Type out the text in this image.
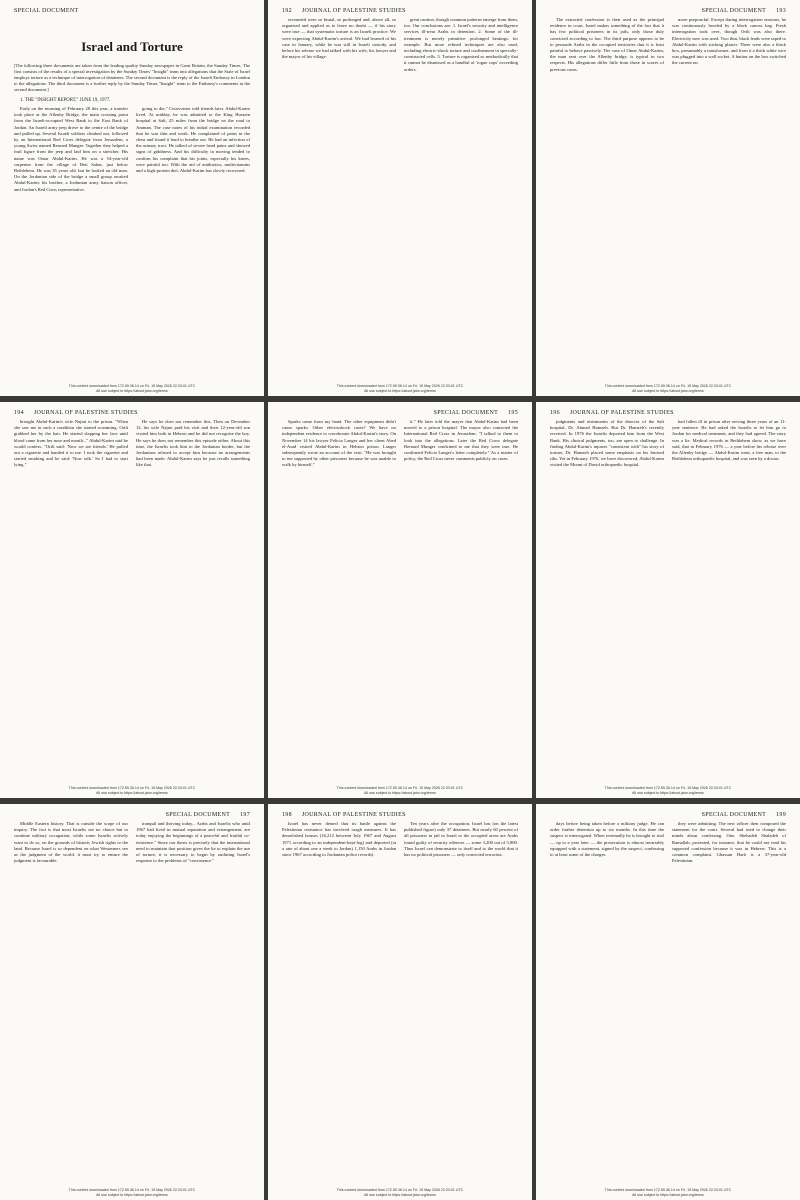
SPECIAL DOCUMENT
Israel and Torture
[The following three documents are taken from the leading quality Sunday newspaper in Great Britain, the Sunday Times. The first consists of the results of a special investigation by the Sunday Times' "Insight" team into allegations that the State of Israel employs torture as a technique of interrogation of detainees. The second document is the reply of the Israeli Embassy in London to the allegations. The third document is a further reply by the Sunday Times "Insight" team to the Embassy's comments in the second document.]
1. THE "INSIGHT REPORT," JUNE 19, 1977.

Early on the morning of February 28 this year, a transfer took place at the Allenby Bridge, the main crossing point from the Israeli-occupied West Bank to the East Bank of Jordan. An Israeli army jeep drove to the centre of the bridge and pulled up. Several Israeli soldiers climbed out, followed by an International Red Cross delegate from Jerusalem, a young Swiss named Bernard Munger. Together they helped a frail figure from the jeep and laid him on a stretcher. His name was Omar Abdul-Karim. He was a 54-year-old carpenter from the village of Beit Sahur, just below Bethlehem. He was 35 years old, but he looked an old man. On the Jordanian side of the bridge a small group awaited Abdul-Karim: his brother, a Jordanian army liaison officer, and Jordan's Red Cross representative.

going to die," Courvoisier told friends later. Abdul-Karim lived. At midday, he was admitted to the King Hussein hospital at Salt, 25 miles from the bridge on the road to Amman. The case notes of his initial examination recorded that he was thin and weak. He complained of pains in the chest and found it hard to breathe out. He had an infection of the urinary tract. He talked of severe head pains and showed signs of giddiness. And his difficulty in moving tended to confirm his complaint that his joints, especially his knees, were painful too. With the aid of antibiotics, multivitamins and a high-protein diet, Abdul-Karim has slowly recovered.

This content downloaded from 172.59.36.14 on Fri, 15 May 2026 22:33:01 UTC
All use subject to https://about.jstor.org/terms
192 JOURNAL OF PALESTINE STUDIES

recounted were so brutal, so prolonged and, above all, so organised and applied as to leave no doubt — if his story were true — that systematic torture is an Israeli practice. We were expecting Abdul-Karim's arrival. We had learned of his case in January, while he was still in Israeli custody, and before his release we had talked with his wife, his lawyer and the mayor of his village.

great caution, though common patterns emerge from them, too. Our conclusions are: 1. Israel's security and intelligence services ill-treat Arabs in detention. 2. Some of the ill-treatment is merely primitive: prolonged beatings, for example. But more refined techniques are also used, including electric-shock torture and confinement in specially-constructed cells. 3. Torture is organised so methodically that it cannot be dismissed as a handful of 'rogue cops' exceeding orders.

This content downloaded from 172.59.36.14 on Fri, 15 May 2026 22:33:01 UTC
All use subject to https://about.jstor.org/terms
SPECIAL DOCUMENT 193

The extracted confession is then used as the principal evidence in court. Israel makes something of the fact that it has few political prisoners in its jails, only those duly convicted according to law. The third purpose appears to be to persuade Arabs in the occupied territories that it is least painful to behave passively. The case of Omar Abdul-Karim, the man sent over the Allenby bridge, is typical in two respects. His allegations differ little from those in scores of previous cases.

more purposeful. Except during interrogation sessions, he was continuously hooded by a black canvas bag. Fresh interrogation took over, though Ortli was also there. Electricity now was used. Two thin, black leads were taped to Abdul-Karim with sticking plaster. There were also a black box, presumably a transformer, and from it a thick white wire was plugged into a wall socket. A button on the box switched the current on.

This content downloaded from 172.59.36.14 on Fri, 15 May 2026 22:33:01 UTC
All use subject to https://about.jstor.org/terms
194 JOURNAL OF PALESTINE STUDIES

brought Abdul-Karim's wife Najmi to the prison. "When she saw me in such a condition she started screaming. Ortli grabbed her by the hair. He started slapping her face until blood came from her nose and mouth..." Abdul-Karim said he would confess. "Ortli said: 'Now we are friends.' He pulled out a cigarette and handed it to me. I took the cigarette and started smoking and he said: 'Now talk.' So I had to start lying."

He says he does not remember this. Then on December 12, his wife Najmi paid his visit and their 12-year-old son visited him both in Hebron and he did not recognise the boy. He says he does not remember this episode either. About this time, the Israelis took him to the Jordanian border, but the Jordanians refused to accept him because no arrangements had been made. Abdul-Karim says he just recalls something like that.

This content downloaded from 172.59.36.14 on Fri, 15 May 2026 22:33:01 UTC
All use subject to https://about.jstor.org/terms
SPECIAL DOCUMENT 195

Sparks came from my hand. The other equipment didn't cause sparks. Other electroshock cases? We have no independent evidence to corroborate Abdul-Karim's story. On November 14 his lawyer Felicia Langer and her client Abed el-Asad visited Abdul-Karim in Hebron prison. Langer subsequently wrote an account of the visit. "He was brought to me supported by other prisoners because he was unable to walk by himself."

it." He later told the mayor that Abdul-Karim had been moved to a prison hospital. The mayor also contacted the International Red Cross in Jerusalem: "I talked to them to look into the allegations. Later the Red Cross delegate Bernard Munger confirmed to me that they were true. He confirmed Felicia Langer's letter completely." As a matter of policy, the Red Cross never comments publicly on cases.

This content downloaded from 172.59.36.14 on Fri, 15 May 2026 22:33:01 UTC
All use subject to https://about.jstor.org/terms
196 JOURNAL OF PALESTINE STUDIES

judgments and testimonies of the director of the Salt hospital, Dr. Ahmad Hamzeh. But Dr. Hamzeh's recently received. In 1976 the Israelis deported him from the West Bank. His clinical judgments, too, are open to challenge. In finding Abdul-Karim's injuries "consistent with" his story of torture, Dr. Hamzeh placed some emphasis on his bruised ribs. Yet in February 1976, we have discovered, Abdul-Karim visited the Mount of David orthopaedic hospital.

had fallen ill in prison after serving three years of an 11-year sentence. He had asked the Israelis to let him go to Jordan for medical treatment, and they had agreed. The story was a lie. Medical records in Bethlehem show, as we have said, that in February 1976 — a year before his release over the Allenby bridge — Abdul-Karim went, a free man, to the Bethlehem orthopaedic hospital, and was seen by a doctor.

This content downloaded from 172.59.36.14 on Fri, 15 May 2026 22:33:01 UTC
All use subject to https://about.jstor.org/terms
SPECIAL DOCUMENT 197

Middle Eastern history. That is outside the scope of our inquiry. The fact is that most Israelis see no choice but to continue military occupation; while some Israelis actively want to do so, on the grounds of historic Jewish rights to the land. Because Israel is so dependent on what Westerners see as the judgment of the world, it must try to ensure the judgment is favourable.

tranquil and thriving today... Arabs and Israelis who until 1967 had lived in mutual separation and estrangement, are today enjoying the beginnings of a peaceful and fruitful co-existence." Since our thesis is precisely that the international need to maintain that position gives the lie to explain the use of torture, it is necessary to begin by outlining Israel's response to the problems of "coexistence."

This content downloaded from 172.59.36.14 on Fri, 15 May 2026 22:33:01 UTC
All use subject to https://about.jstor.org/terms
198 JOURNAL OF PALESTINE STUDIES

Israel has never denied that its battle against the Palestinian resistance has involved tough measures. It has demolished houses (16,212 between July 1967 and August 1971 according to an independent-kept-log) and deported (at a rate of about one a week to Jordan) 1,150 Arabs in Jordan since 1967 according to Jordanian police records).

Ten years after the occupation, Israel has (on the latest published figure) only 37 detainees. But nearly 60 percent of all prisoners in jail in Israel or the occupied areas are Arabs found guilty of security offences — some 3,200 out of 5,800. Thus Israel can demonstrate to itself and to the world that it has no political prisoners — only convicted terrorists.

This content downloaded from 172.59.36.14 on Fri, 15 May 2026 22:33:01 UTC
All use subject to https://about.jstor.org/terms
SPECIAL DOCUMENT 199

days before being taken before a military judge. He can order further detention up to six months. In this time the suspect is interrogated. When eventually he is brought to trial — up to a year later — the prosecution is almost invariably equipped with a statement, signed by the suspect, confessing to at least some of the charges.

they were admitting. The new officer then composed the statement for the court. Several had tried to change their minds about confessing. One, Shehadeh Shaladeh of Ramallah, protested, for instance, that he could not read his supposed confession because it was in Hebrew. This is a common complaint. Ghassan Harb is a 37-year-old Palestinian.

This content downloaded from 172.59.36.14 on Fri, 15 May 2026 22:33:01 UTC
All use subject to https://about.jstor.org/terms
